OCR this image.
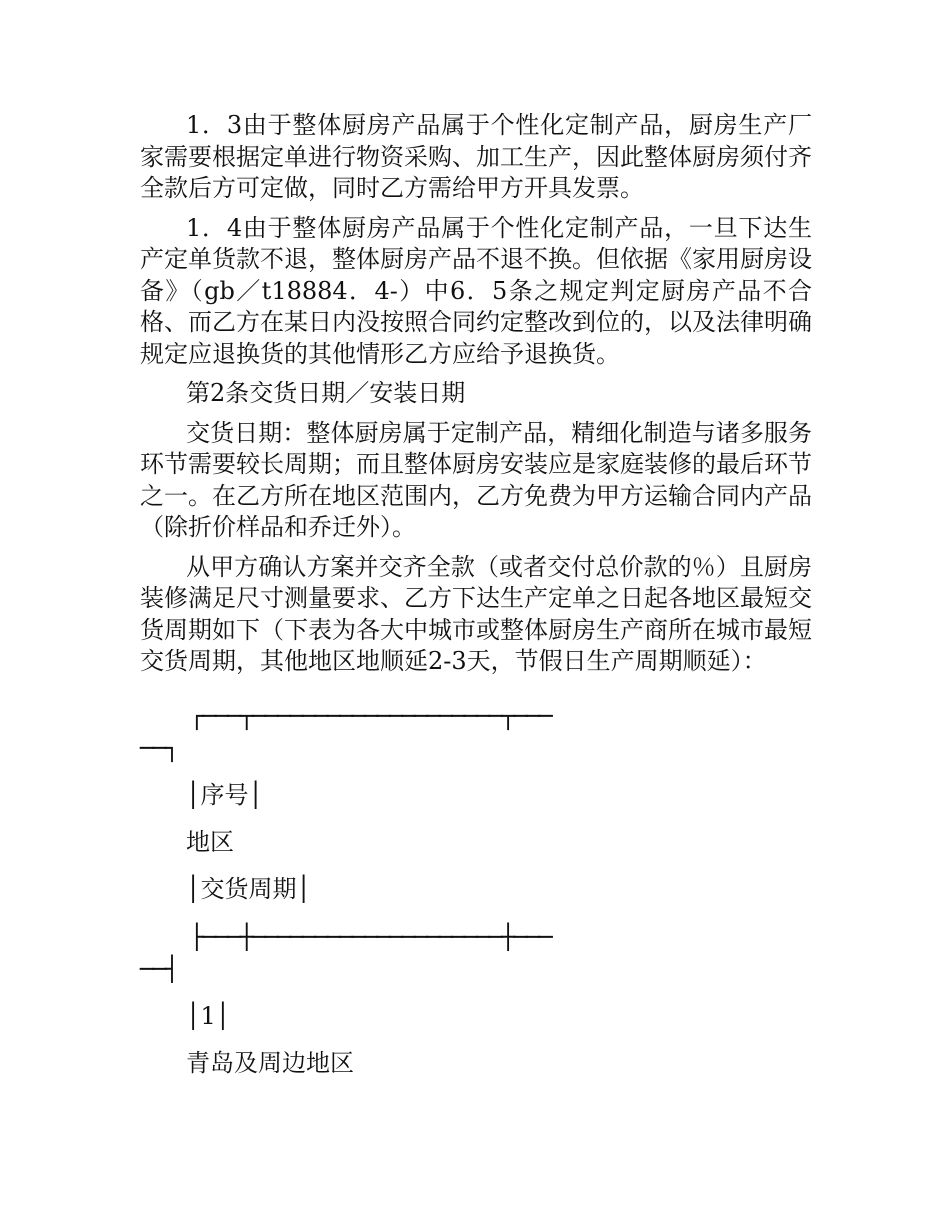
1．3由于整体厨房产品属于个性化定制产品，厨房生产厂家需要根据定单进行物资采购、加工生产，因此整体厨房须付齐全款后方可定做，同时乙方需给甲方开具发票。

1．4由于整体厨房产品属于个性化定制产品，一旦下达生产定单货款不退，整体厨房产品不退不换。但依据《家用厨房设备》（gb／t18884．4-）中6．5条之规定判定厨房产品不合格、而乙方在某日内没按照合同约定整改到位的，以及法律明确规定应退换货的其他情形乙方应给予退换货。

第2条交货日期／安装日期

交货日期：整体厨房属于定制产品，精细化制造与诸多服务环节需要较长周期；而且整体厨房安装应是家庭装修的最后环节之一。在乙方所在地区范围内，乙方免费为甲方运输合同内产品（除折价样品和乔迁外）。

从甲方确认方案并交齐全款（或者交付总价款的％）且厨房装修满足尺寸测量要求、乙方下达生产定单之日起各地区最短交货周期如下（下表为各大中城市或整体厨房生产商所在城市最短交货周期，其他地区地顺延2-3天，节假日生产周期顺延）：

┌───┬────────────────────┬───

──┐

│序号│

地区

│交货周期│

├───┼────────────────────┼───

──┤

│1│

青岛及周边地区
